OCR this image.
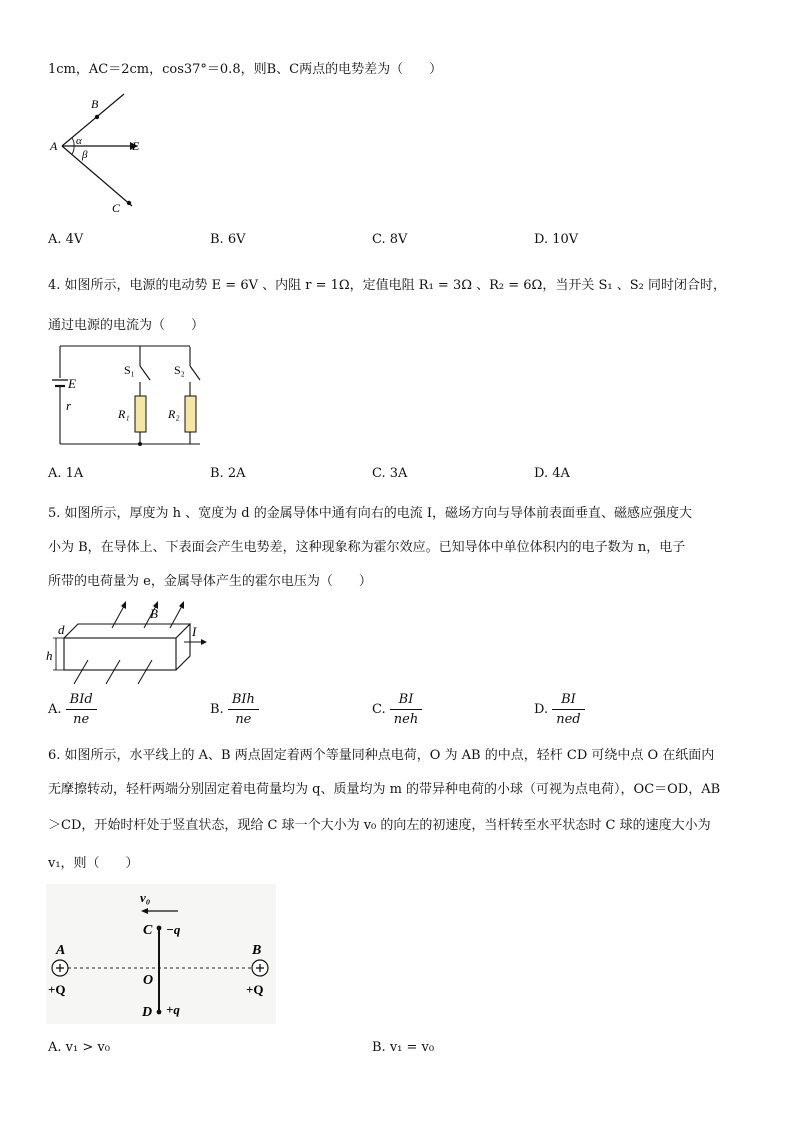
1cm，AC＝2cm，cos37°＝0.8，则B、C两点的电势差为（　　）
B
A α
β
E
C
A. 4V	B. 6V	C. 8V	D. 10V
4. 如图所示，电源的电动势 E = 6V 、内阻 r = 1Ω，定值电阻 R₁ = 3Ω 、R₂ = 6Ω，当开关 S₁ 、S₂ 同时闭合时，
通过电源的电流为（　　）
E
r
S₁	S₂
R₁	R₂
A. 1A	B. 2A	C. 3A	D. 4A
5. 如图所示，厚度为 h 、宽度为 d 的金属导体中通有向右的电流 I，磁场方向与导体前表面垂直、磁感应强度大
小为 B，在导体上、下表面会产生电势差，这种现象称为霍尔效应。已知导体中单位体积内的电子数为 n，电子
所带的电荷量为 e，金属导体产生的霍尔电压为（　　）
B
I
d
h
A. $\frac{\text{BId}}{ne}$	B. $\frac{\text{BIh}}{ne}$	C. $\frac{BI}{\text{neh}}$	D. $\frac{BI}{\text{ned}}$
6. 如图所示，水平线上的 A、B 两点固定着两个等量同种点电荷，O 为 AB 的中点，轻杆 CD 可绕中点 O 在纸面内
无摩擦转动，轻杆两端分别固定着电荷量均为 q、质量均为 m 的带异种电荷的小球（可视为点电荷），OC＝OD，AB
＞CD，开始时杆处于竖直状态，现给 C 球一个大小为 v₀ 的向左的初速度，当杆转至水平状态时 C 球的速度大小为
v₁，则（　　）
v₀
C −q
A	B
+Q	+Q
O
D +q
A. v₁ > v₀	B. v₁ = v₀
